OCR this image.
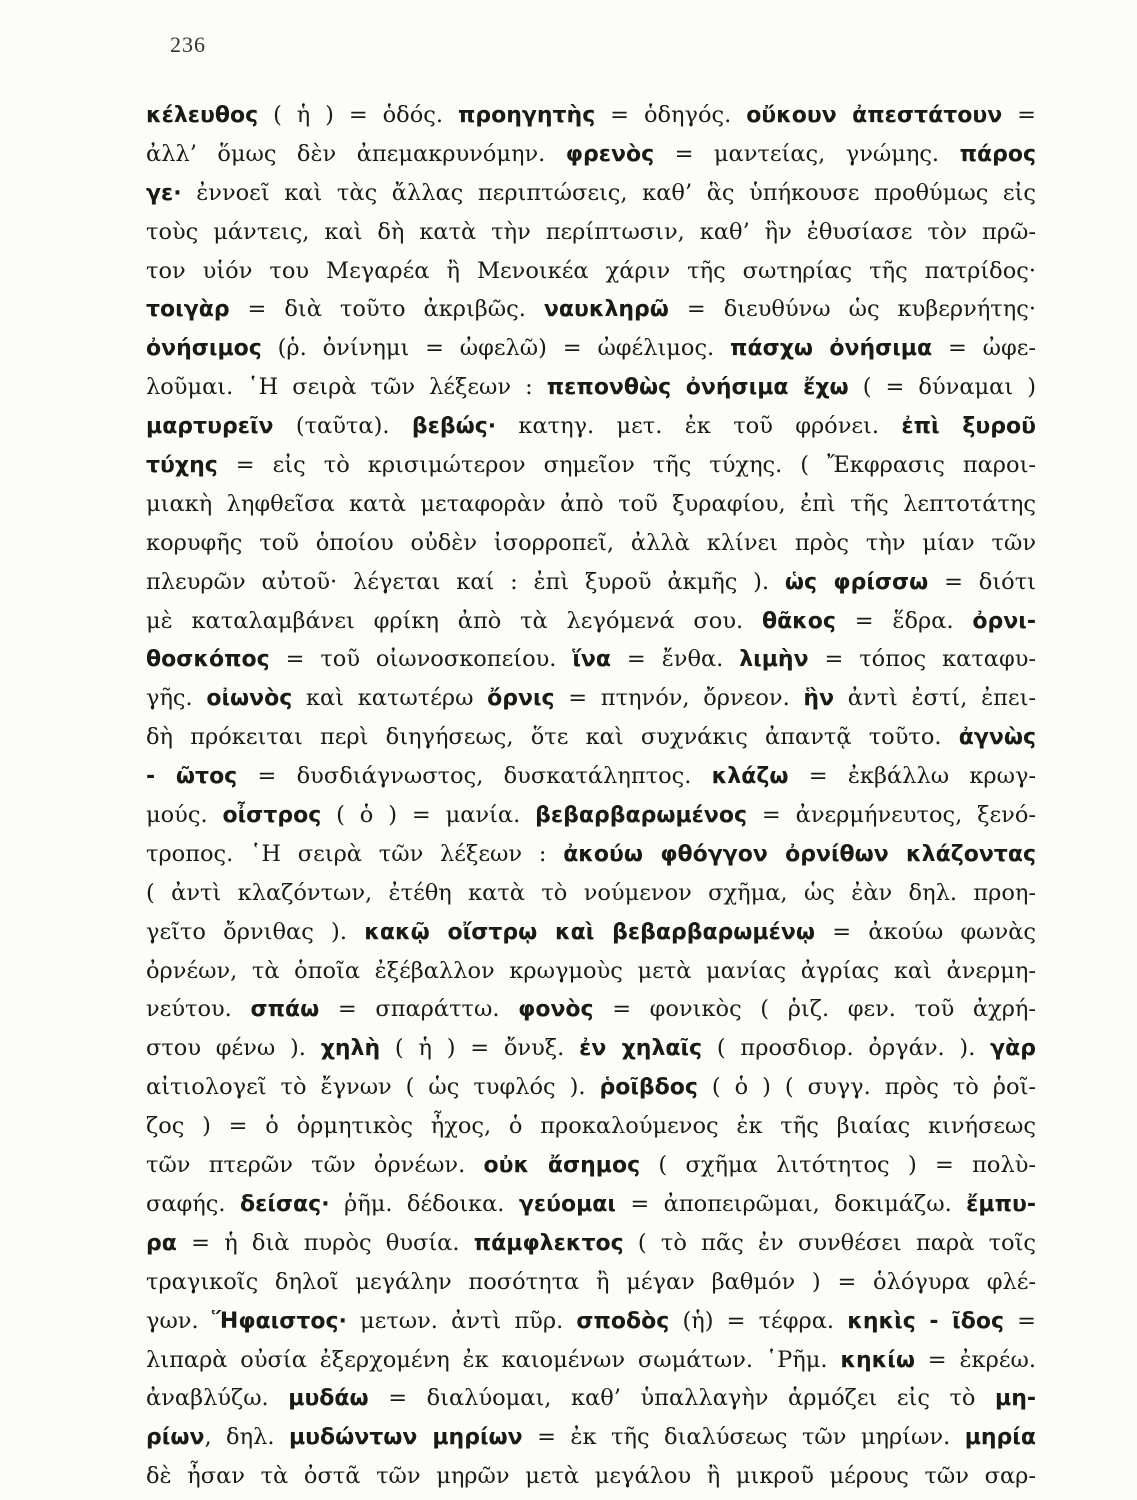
236
κέλευθος ( ἡ ) = ὁδός. προηγητὴς = ὁδηγός. οὔκουν ἀπεστάτουν =
ἀλλ’ ὅμως δὲν ἀπεμακρυνόμην. φρενὸς = μαντείας, γνώμης. πάρος
γε· ἐννοεῖ καὶ τὰς ἄλλας περιπτώσεις, καθ’ ἃς ὑπήκουσε προθύμως εἰς
τοὺς μάντεις, καὶ δὴ κατὰ τὴν περίπτωσιν, καθ’ ἣν ἐθυσίασε τὸν πρῶ-
τον υἱόν του Μεγαρέα ἢ Μενοικέα χάριν τῆς σωτηρίας τῆς πατρίδος·
τοιγὰρ = διὰ τοῦτο ἀκριβῶς. ναυκληρῶ = διευθύνω ὡς κυβερνήτης·
ὀνήσιμος (ῥ. ὀνίνημι = ὠφελῶ) = ὠφέλιμος. πάσχω ὀνήσιμα = ὠφε-
λοῦμαι. ῾Η σειρὰ τῶν λέξεων : πεπονθὼς ὀνήσιμα ἔχω ( = δύναμαι )
μαρτυρεῖν (ταῦτα). βεβώς· κατηγ. μετ. ἐκ τοῦ φρόνει. ἐπὶ ξυροῦ
τύχης = εἰς τὸ κρισιμώτερον σημεῖον τῆς τύχης. ( Ἔκφρασις παροι-
μιακὴ ληφθεῖσα κατὰ μεταφορὰν ἀπὸ τοῦ ξυραφίου, ἐπὶ τῆς λεπτοτάτης
κορυφῆς τοῦ ὁποίου οὐδὲν ἰσορροπεῖ, ἀλλὰ κλίνει πρὸς τὴν μίαν τῶν
πλευρῶν αὐτοῦ· λέγεται καί : ἐπὶ ξυροῦ ἀκμῆς ). ὡς φρίσσω = διότι
μὲ καταλαμβάνει φρίκη ἀπὸ τὰ λεγόμενά σου. θᾶκος = ἕδρα. ὀρνι-
θοσκόπος = τοῦ οἰωνοσκοπείου. ἵνα = ἔνθα. λιμὴν = τόπος καταφυ-
γῆς. οἰωνὸς καὶ κατωτέρω ὄρνις = πτηνόν, ὄρνεον. ἣν ἀντὶ ἐστί, ἐπει-
δὴ πρόκειται περὶ διηγήσεως, ὅτε καὶ συχνάκις ἀπαντᾷ τοῦτο. ἀγνὼς
- ῶτος = δυσδιάγνωστος, δυσκατάληπτος. κλάζω = ἐκβάλλω κρωγ-
μούς. οἶστρος ( ὁ ) = μανία. βεβαρβαρωμένος = ἀνερμήνευτος, ξενό-
τροπος. ῾Η σειρὰ τῶν λέξεων : ἀκούω φθόγγον ὀρνίθων κλάζοντας
( ἀντὶ κλαζόντων, ἐτέθη κατὰ τὸ νούμενον σχῆμα, ὡς ἐὰν δηλ. προη-
γεῖτο ὄρνιθας ). κακῷ οἴστρῳ καὶ βεβαρβαρωμένῳ = ἀκούω φωνὰς
ὀρνέων, τὰ ὁποῖα ἐξέβαλλον κρωγμοὺς μετὰ μανίας ἀγρίας καὶ ἀνερμη-
νεύτου. σπάω = σπαράττω. φονὸς = φονικὸς ( ῥιζ. φεν. τοῦ ἀχρή-
στου φένω ). χηλὴ ( ἡ ) = ὄνυξ. ἐν χηλαῖς ( προσδιορ. ὀργάν. ). γὰρ
αἰτιολογεῖ τὸ ἔγνων ( ὡς τυφλός ). ῥοῖβδος ( ὁ ) ( συγγ. πρὸς τὸ ῥοῖ-
ζος ) = ὁ ὁρμητικὸς ἦχος, ὁ προκαλούμενος ἐκ τῆς βιαίας κινήσεως
τῶν πτερῶν τῶν ὀρνέων. οὐκ ἄσημος ( σχῆμα λιτότητος ) = πολὺ-
σαφής. δείσας· ῥῆμ. δέδοικα. γεύομαι = ἀποπειρῶμαι, δοκιμάζω. ἔμπυ-
ρα = ἡ διὰ πυρὸς θυσία. πάμφλεκτος ( τὸ πᾶς ἐν συνθέσει παρὰ τοῖς
τραγικοῖς δηλοῖ μεγάλην ποσότητα ἢ μέγαν βαθμόν ) = ὁλόγυρα φλέ-
γων. Ἥφαιστος· μετων. ἀντὶ πῦρ. σποδὸς (ἡ) = τέφρα. κηκὶς - ῖδος =
λιπαρὰ οὐσία ἐξερχομένη ἐκ καιομένων σωμάτων. ῾Ρῆμ. κηκίω = ἐκρέω.
ἀναβλύζω. μυδάω = διαλύομαι, καθ’ ὑπαλλαγὴν ἁρμόζει εἰς τὸ μη-
ρίων, δηλ. μυδώντων μηρίων = ἐκ τῆς διαλύσεως τῶν μηρίων. μηρία
δὲ ἦσαν τὰ ὀστᾶ τῶν μηρῶν μετὰ μεγάλου ἢ μικροῦ μέρους τῶν σαρ-
